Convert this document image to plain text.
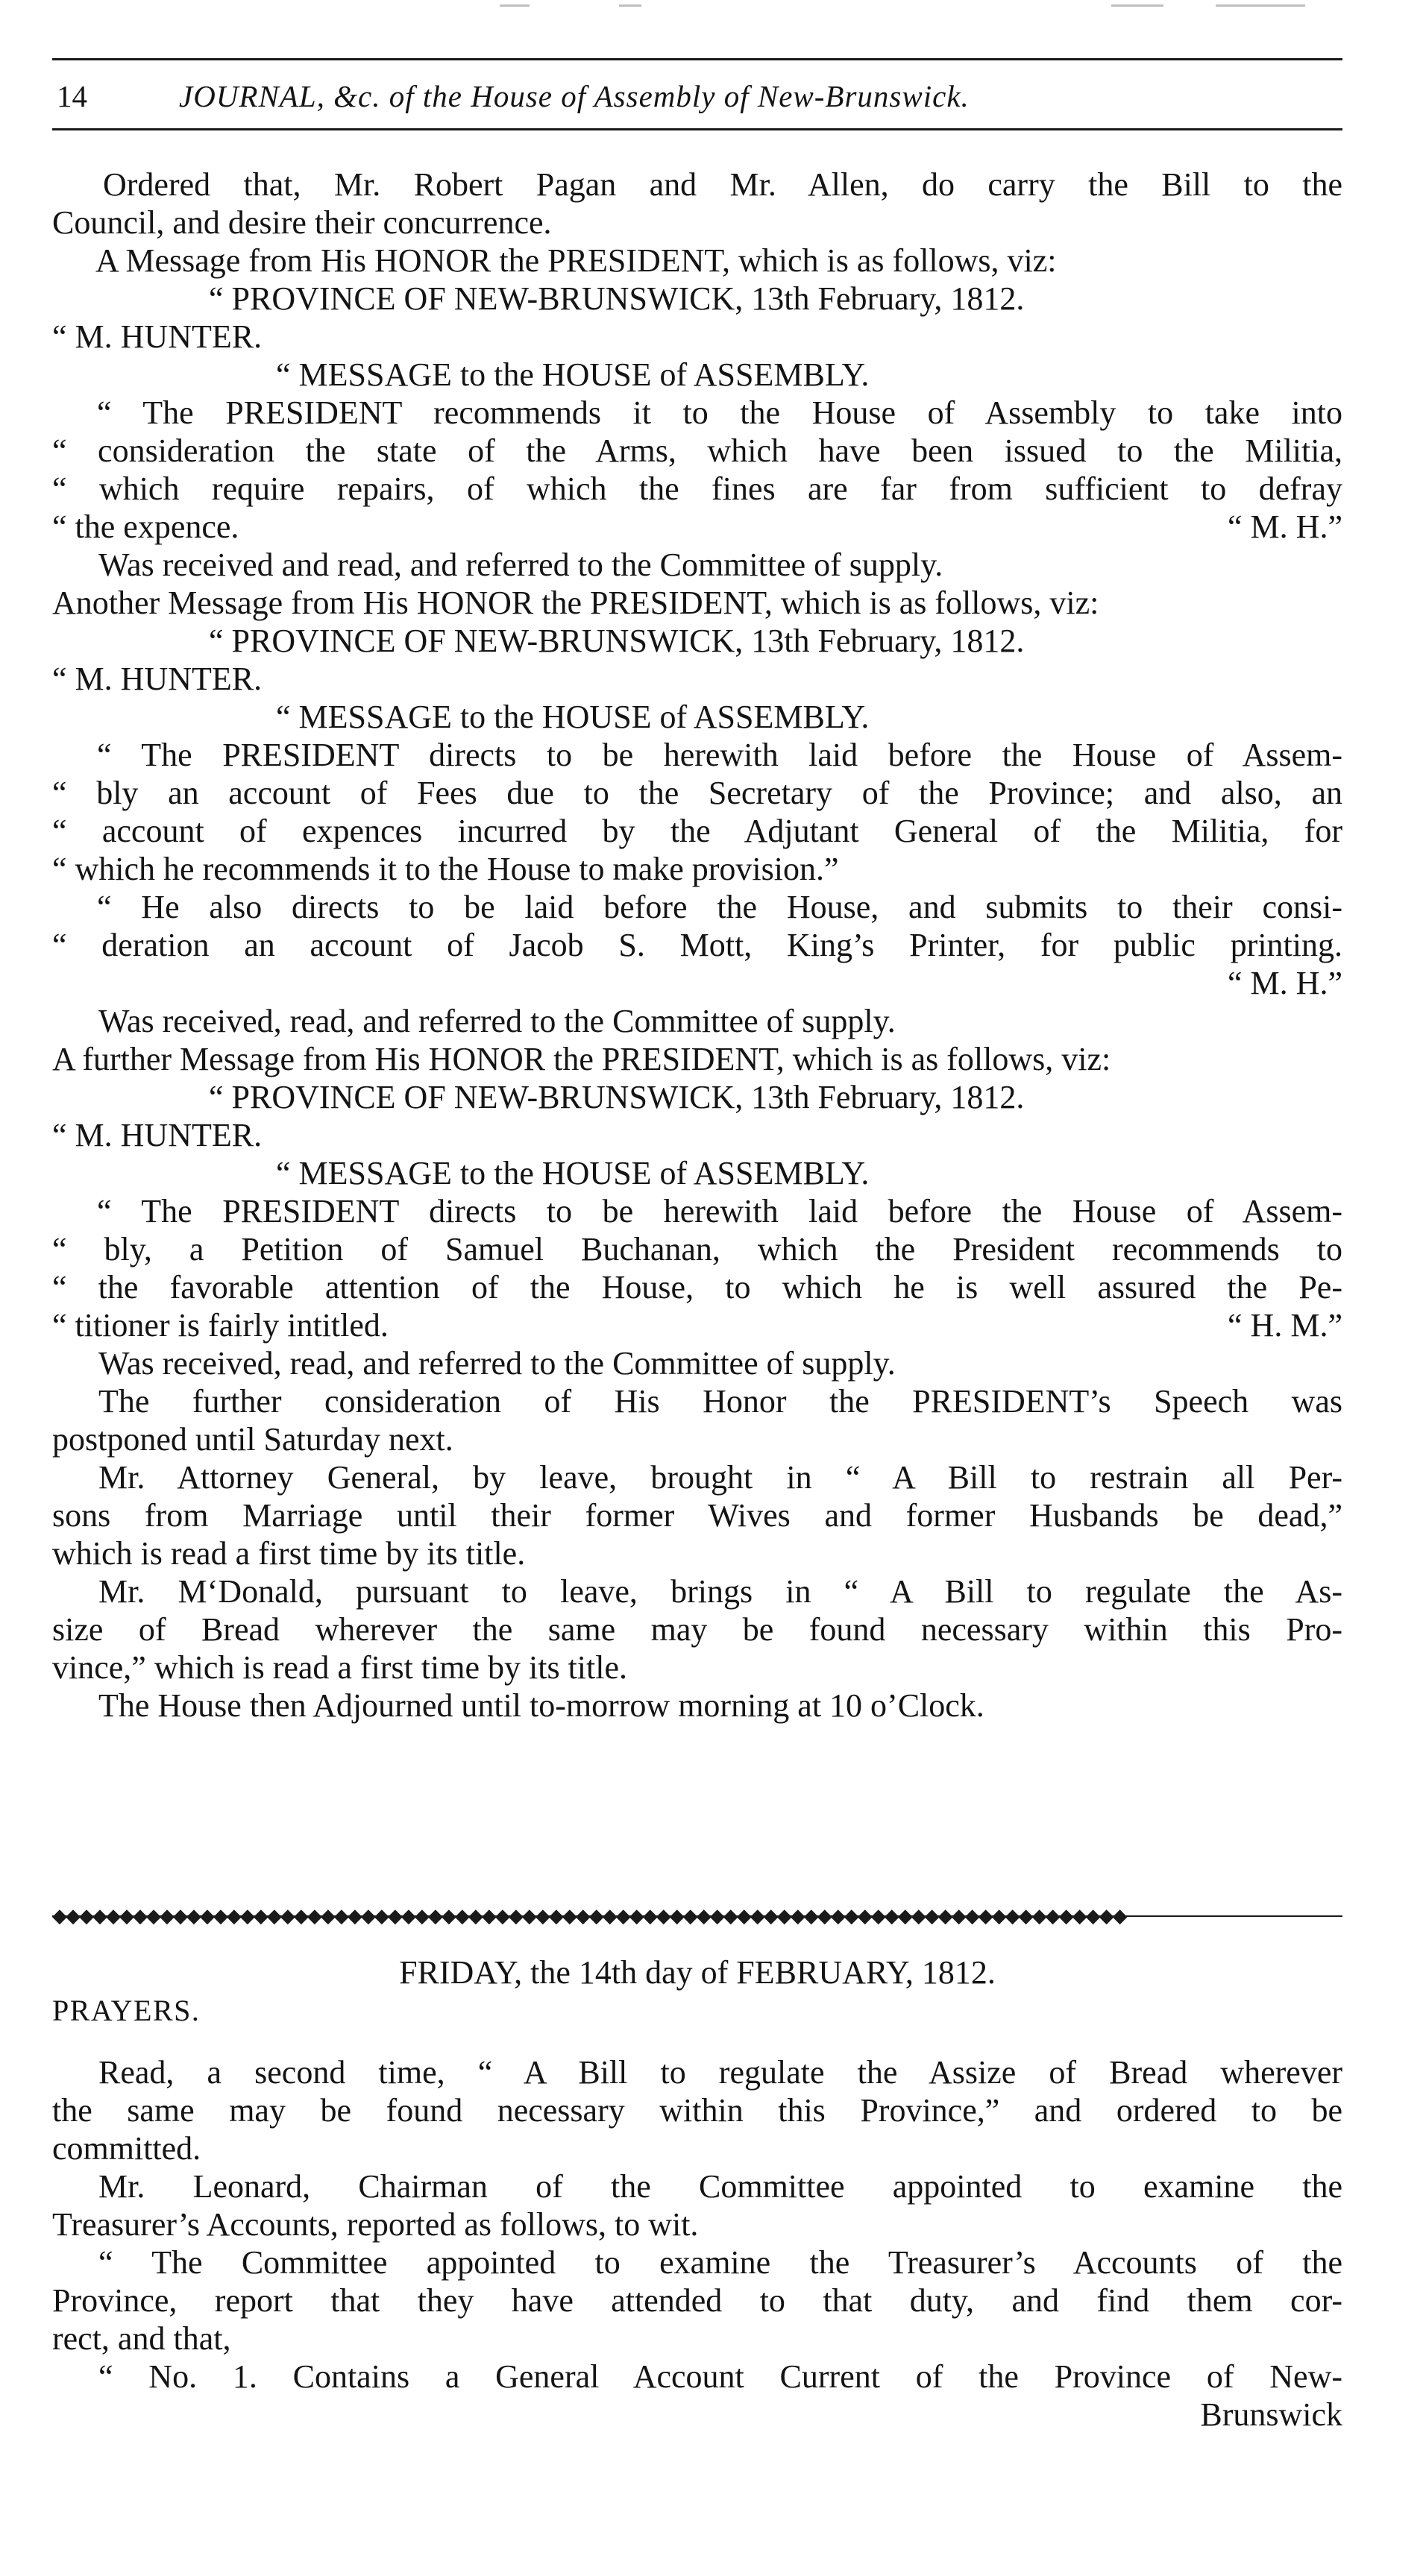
14	JOURNAL, &c. of the House of Assembly of New-Brunswick.
Ordered that, Mr. Robert Pagan and Mr. Allen, do carry the Bill to the
Council, and desire their concurrence.
A Message from His HONOR the PRESIDENT, which is as follows, viz:
“ PROVINCE OF NEW-BRUNSWICK, 13th February, 1812.
“ M. HUNTER.
“ MESSAGE to the HOUSE of ASSEMBLY.
“ The PRESIDENT recommends it to the House of Assembly to take into
“ consideration the state of the Arms, which have been issued to the Militia,
“ which require repairs, of which the fines are far from sufficient to defray
“ the expence.	“ M. H.”
Was received and read, and referred to the Committee of supply.
Another Message from His HONOR the PRESIDENT, which is as follows, viz:
“ PROVINCE OF NEW-BRUNSWICK, 13th February, 1812.
“ M. HUNTER.
“ MESSAGE to the HOUSE of ASSEMBLY.
“ The PRESIDENT directs to be herewith laid before the House of Assem-
“ bly an account of Fees due to the Secretary of the Province; and also, an
“ account of expences incurred by the Adjutant General of the Militia, for
“ which he recommends it to the House to make provision.”
“ He also directs to be laid before the House, and submits to their consi-
“ deration an account of Jacob S. Mott, King’s Printer, for public printing.
“ M. H.”
Was received, read, and referred to the Committee of supply.
A further Message from His HONOR the PRESIDENT, which is as follows, viz:
“ PROVINCE OF NEW-BRUNSWICK, 13th February, 1812.
“ M. HUNTER.
“ MESSAGE to the HOUSE of ASSEMBLY.
“ The PRESIDENT directs to be herewith laid before the House of Assem-
“ bly, a Petition of Samuel Buchanan, which the President recommends to
“ the favorable attention of the House, to which he is well assured the Pe-
“ titioner is fairly intitled.	“ H. M.”
Was received, read, and referred to the Committee of supply.
The further consideration of His Honor the PRESIDENT’s Speech was
postponed until Saturday next.
Mr. Attorney General, by leave, brought in “ A Bill to restrain all Per-
sons from Marriage until their former Wives and former Husbands be dead,”
which is read a first time by its title.
Mr. M‘Donald, pursuant to leave, brings in “ A Bill to regulate the As-
size of Bread wherever the same may be found necessary within this Pro-
vince,” which is read a first time by its title.
The House then Adjourned until to-morrow morning at 10 o’Clock.
◆◆◆◆◆◆◆◆◆◆◆◆◆◆◆◆◆◆◆◆◆◆◆◆◆◆◆◆◆◆◆◆◆◆◆◆◆◆◆◆◆◆◆◆◆◆◆◆◆◆◆◆◆◆◆◆◆◆◆◆◆◆◆◆◆◆◆◆◆◆◆◆◆◆◆◆◆◆◆◆
FRIDAY, the 14th day of FEBRUARY, 1812.
PRAYERS.
Read, a second time, “ A Bill to regulate the Assize of Bread wherever
the same may be found necessary within this Province,” and ordered to be
committed.
Mr. Leonard, Chairman of the Committee appointed to examine the
Treasurer’s Accounts, reported as follows, to wit.
“ The Committee appointed to examine the Treasurer’s Accounts of the
Province, report that they have attended to that duty, and find them cor-
rect, and that,
“ No. 1. Contains a General Account Current of the Province of New-
Brunswick
